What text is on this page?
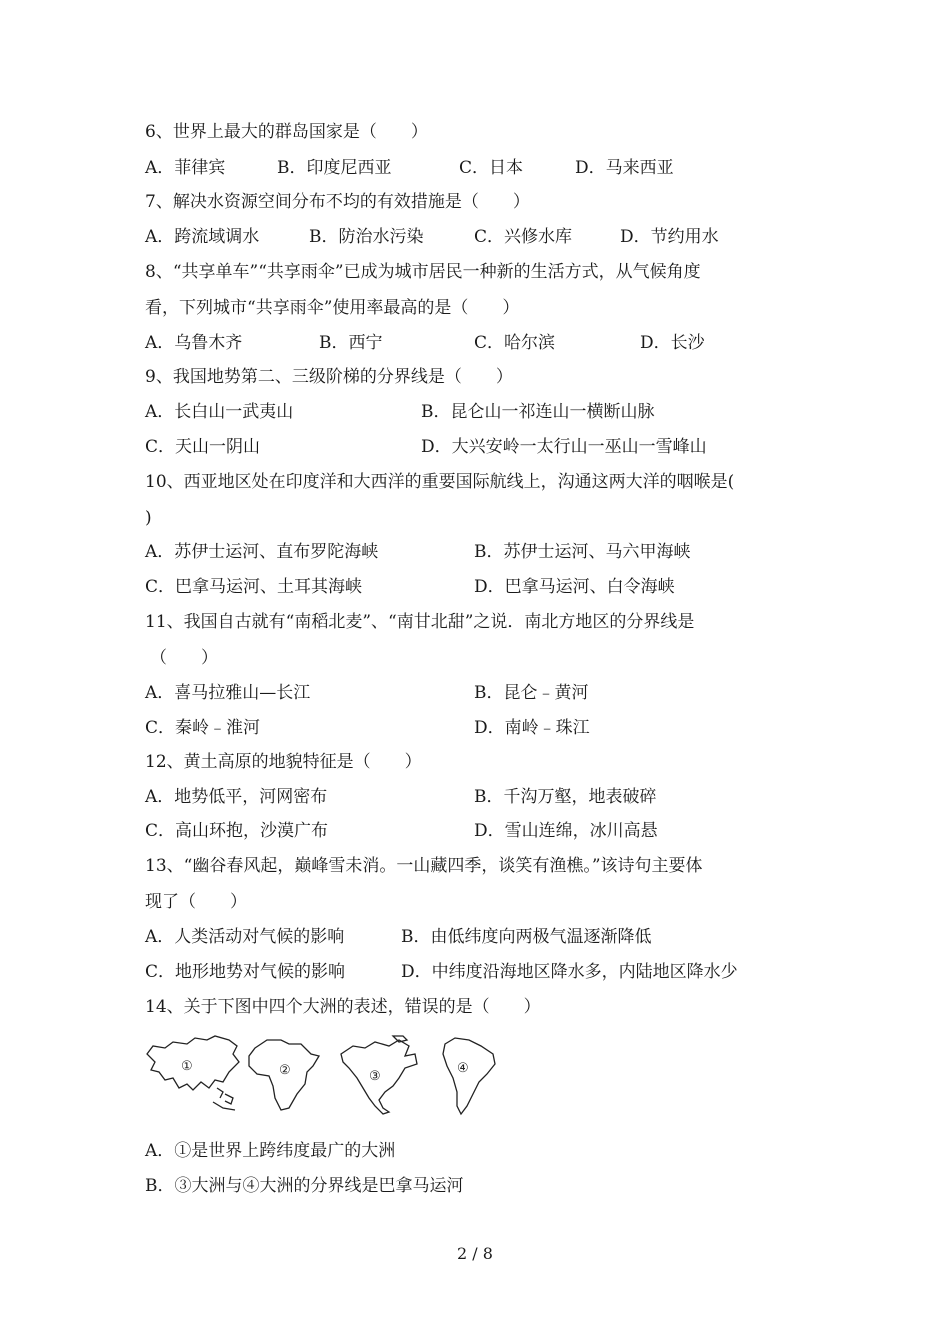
6、世界上最大的群岛国家是（　　）
A．菲律宾	B．印度尼西亚	C．日本	D．马来西亚
7、解决水资源空间分布不均的有效措施是（　　）
A．跨流域调水	B．防治水污染	C．兴修水库	D．节约用水
8、“共享单车”“共享雨伞”已成为城市居民一种新的生活方式，从气候角度
看，下列城市“共享雨伞”使用率最高的是（　　）
A．乌鲁木齐	B．西宁	C．哈尔滨	D．长沙
9、我国地势第二、三级阶梯的分界线是（　　）
A．长白山一武夷山	B．昆仑山一祁连山一横断山脉
C．天山一阴山	D．大兴安岭一太行山一巫山一雪峰山
10、西亚地区处在印度洋和大西洋的重要国际航线上，沟通这两大洋的咽喉是(
)
A．苏伊士运河、直布罗陀海峡	B．苏伊士运河、马六甲海峡
C．巴拿马运河、土耳其海峡	D．巴拿马运河、白令海峡
11、我国自古就有“南稻北麦”、“南甘北甜”之说．南北方地区的分界线是
（　　）
A．喜马拉雅山—长江	B．昆仑﹣黄河
C．秦岭﹣淮河	D．南岭﹣珠江
12、黄土高原的地貌特征是（　　）
A．地势低平，河网密布	B．千沟万壑，地表破碎
C．高山环抱，沙漠广布	D．雪山连绵，冰川高悬
13、“幽谷春风起，巅峰雪未消。一山藏四季，谈笑有渔樵。”该诗句主要体
现了（　　）
A．人类活动对气候的影响	B．由低纬度向两极气温逐渐降低
C．地形地势对气候的影响	D．中纬度沿海地区降水多，内陆地区降水少
14、关于下图中四个大洲的表述，错误的是（　　）
①	②	③
④
A．①是世界上跨纬度最广的大洲
B．③大洲与④大洲的分界线是巴拿马运河
2 / 8
